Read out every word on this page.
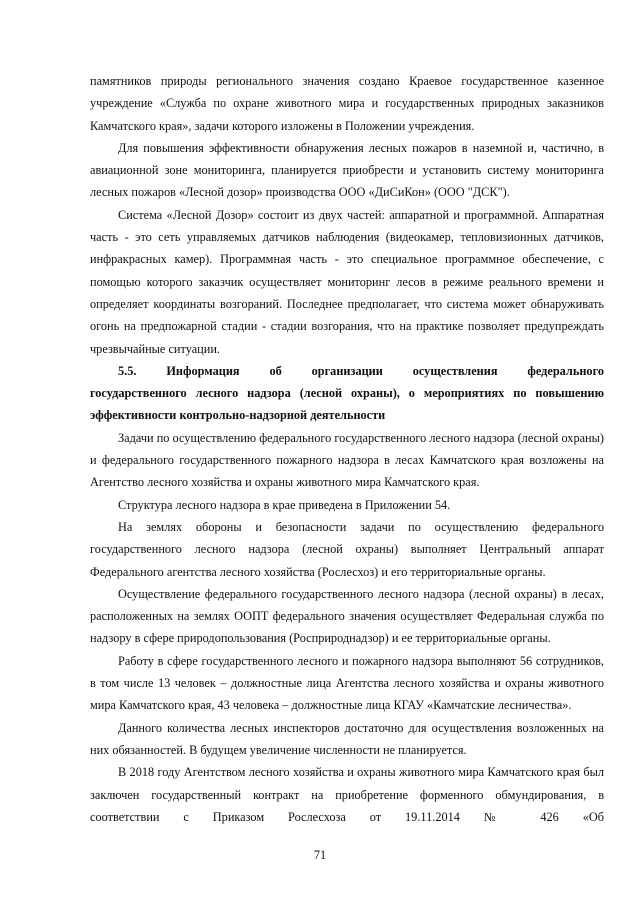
памятников природы регионального значения создано Краевое государственное казенное учреждение «Служба по охране животного мира и государственных природных заказников Камчатского края», задачи которого изложены в Положении учреждения.

Для повышения эффективности обнаружения лесных пожаров в наземной и, частично, в авиационной зоне мониторинга, планируется приобрести и установить систему мониторинга лесных пожаров «Лесной дозор» производства ООО «ДиСиКон» (ООО "ДСК").

Система «Лесной Дозор» состоит из двух частей: аппаратной и программной. Аппаратная часть - это сеть управляемых датчиков наблюдения (видеокамер, тепловизионных датчиков, инфракрасных камер). Программная часть - это специальное программное обеспечение, с помощью которого заказчик осуществляет мониторинг лесов в режиме реального времени и определяет координаты возгораний. Последнее предполагает, что система может обнаруживать огонь на предпожарной стадии - стадии возгорания, что на практике позволяет предупреждать чрезвычайные ситуации.

5.5. Информация об организации осуществления федерального
государственного лесного надзора (лесной охраны), о мероприятиях по повышению эффективности контрольно-надзорной деятельности

Задачи по осуществлению федерального государственного лесного надзора (лесной охраны) и федерального государственного пожарного надзора в лесах Камчатского края возложены на Агентство лесного хозяйства и охраны животного мира Камчатского края.

Структура лесного надзора в крае приведена в Приложении 54.

На землях обороны и безопасности задачи по осуществлению федерального государственного лесного надзора (лесной охраны) выполняет Центральный аппарат Федерального агентства лесного хозяйства (Рослесхоз) и его территориальные органы.

Осуществление федерального государственного лесного надзора (лесной охраны) в лесах, расположенных на землях ООПТ федерального значения осуществляет Федеральная служба по надзору в сфере природопользования (Росприроднадзор) и ее территориальные органы.

Работу в сфере государственного лесного и пожарного надзора выполняют 56 сотрудников, в том числе 13 человек – должностные лица Агентства лесного хозяйства и охраны животного мира Камчатского края, 43 человека – должностные лица КГАУ «Камчатские лесничества».

Данного количества лесных инспекторов достаточно для осуществления возложенных на них обязанностей. В будущем увеличение численности не планируется.

В 2018 году Агентством лесного хозяйства и охраны животного мира Камчатского края был заключен государственный контракт на приобретение форменного обмундирования, в соответствии с Приказом Рослесхоза от 19.11.2014 № 426 «Об

71
